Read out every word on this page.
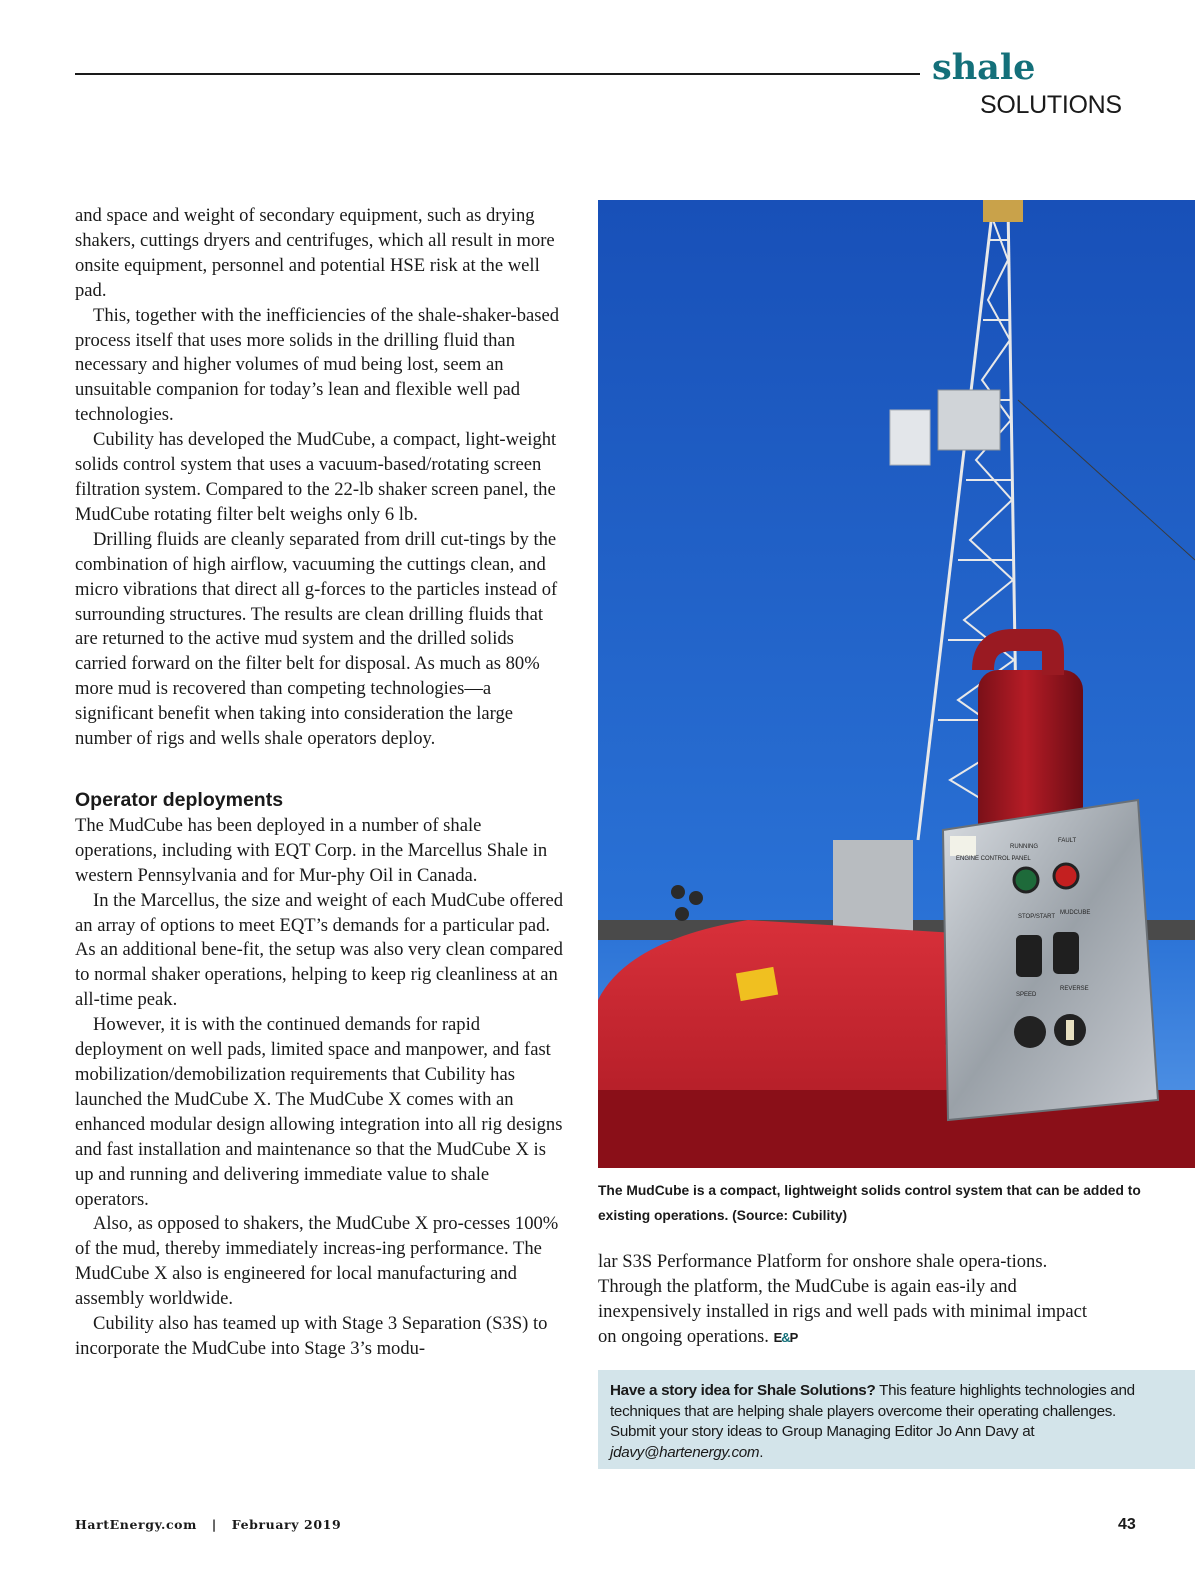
shale
SOLUTIONS

and space and weight of secondary equipment, such as drying shakers, cuttings dryers and centrifuges, which all result in more onsite equipment, personnel and potential HSE risk at the well pad.

This, together with the inefficiencies of the shale-shaker-based process itself that uses more solids in the drilling fluid than necessary and higher volumes of mud being lost, seem an unsuitable companion for today’s lean and flexible well pad technologies.

Cubility has developed the MudCube, a compact, light-weight solids control system that uses a vacuum-based/rotating screen filtration system. Compared to the 22-lb shaker screen panel, the MudCube rotating filter belt weighs only 6 lb.

Drilling fluids are cleanly separated from drill cut-tings by the combination of high airflow, vacuuming the cuttings clean, and micro vibrations that direct all g-forces to the particles instead of surrounding structures. The results are clean drilling fluids that are returned to the active mud system and the drilled solids carried forward on the filter belt for disposal. As much as 80% more mud is recovered than competing technologies—a significant benefit when taking into consideration the large number of rigs and wells shale operators deploy.

Operator deployments

The MudCube has been deployed in a number of shale operations, including with EQT Corp. in the Marcellus Shale in western Pennsylvania and for Mur-phy Oil in Canada.

In the Marcellus, the size and weight of each MudCube offered an array of options to meet EQT’s demands for a particular pad. As an additional bene-fit, the setup was also very clean compared to normal shaker operations, helping to keep rig cleanliness at an all-time peak.

However, it is with the continued demands for rapid deployment on well pads, limited space and manpower, and fast mobilization/demobilization requirements that Cubility has launched the MudCube X. The MudCube X comes with an enhanced modular design allowing integration into all rig designs and fast installation and maintenance so that the MudCube X is up and running and delivering immediate value to shale operators.

Also, as opposed to shakers, the MudCube X pro-cesses 100% of the mud, thereby immediately increas-ing performance. The MudCube X also is engineered for local manufacturing and assembly worldwide.

Cubility also has teamed up with Stage 3 Separation (S3S) to incorporate the MudCube into Stage 3’s modu-

ENGINE CONTROL PANEL
RUNNING
FAULT
STOP/START
MUDCUBE
SPEED
REVERSE

The MudCube is a compact, lightweight solids control system that can be added to existing operations. (Source: Cubility)

lar S3S Performance Platform for onshore shale opera-tions. Through the platform, the MudCube is again eas-ily and inexpensively installed in rigs and well pads with minimal impact on ongoing operations. E&P

Have a story idea for Shale Solutions? This feature highlights technologies and techniques that are helping shale players overcome their operating challenges. Submit your story ideas to Group Managing Editor Jo Ann Davy at jdavy@hartenergy.com.

HartEnergy.com | February 2019	43
